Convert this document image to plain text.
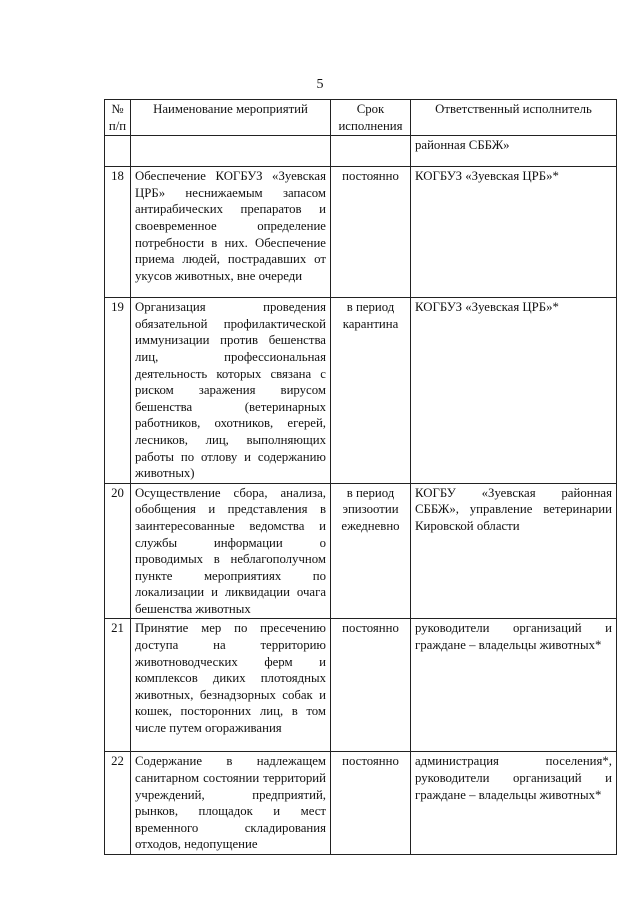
5
№ п/п	Наименование мероприятий	Срок исполнения	Ответственный исполнитель
			районная СББЖ»
18	Обеспечение КОГБУЗ «Зуевская ЦРБ» неснижаемым запасом антирабических препаратов и своевременное определение потребности в них. Обеспечение приема людей, пострадавших от укусов животных, вне очереди	постоянно	КОГБУЗ «Зуевская ЦРБ»*
19	Организация проведения обязательной профилактической иммунизации против бешенства лиц, профессиональная деятельность которых связана с риском заражения вирусом бешенства (ветеринарных работников, охотников, егерей, лесников, лиц, выполняющих работы по отлову и содержанию животных)	в период карантина	КОГБУЗ «Зуевская ЦРБ»*
20	Осуществление сбора, анализа, обобщения и представления в заинтересованные ведомства и службы информации о проводимых в неблагополучном пункте мероприятиях по локализации и ликвидации очага бешенства животных	в период эпизоотии ежедневно	КОГБУ «Зуевская районная СББЖ», управление ветеринарии Кировской области
21	Принятие мер по пресечению доступа на территорию животноводческих ферм и комплексов диких плотоядных животных, безнадзорных собак и кошек, посторонних лиц, в том числе путем огораживания	постоянно	руководители организаций и граждане – владельцы животных*
22	Содержание в надлежащем санитарном состоянии территорий учреждений, предприятий, рынков, площадок и мест временного складирования отходов, недопущение	постоянно	администрация поселения*, руководители организаций и граждане – владельцы животных*
